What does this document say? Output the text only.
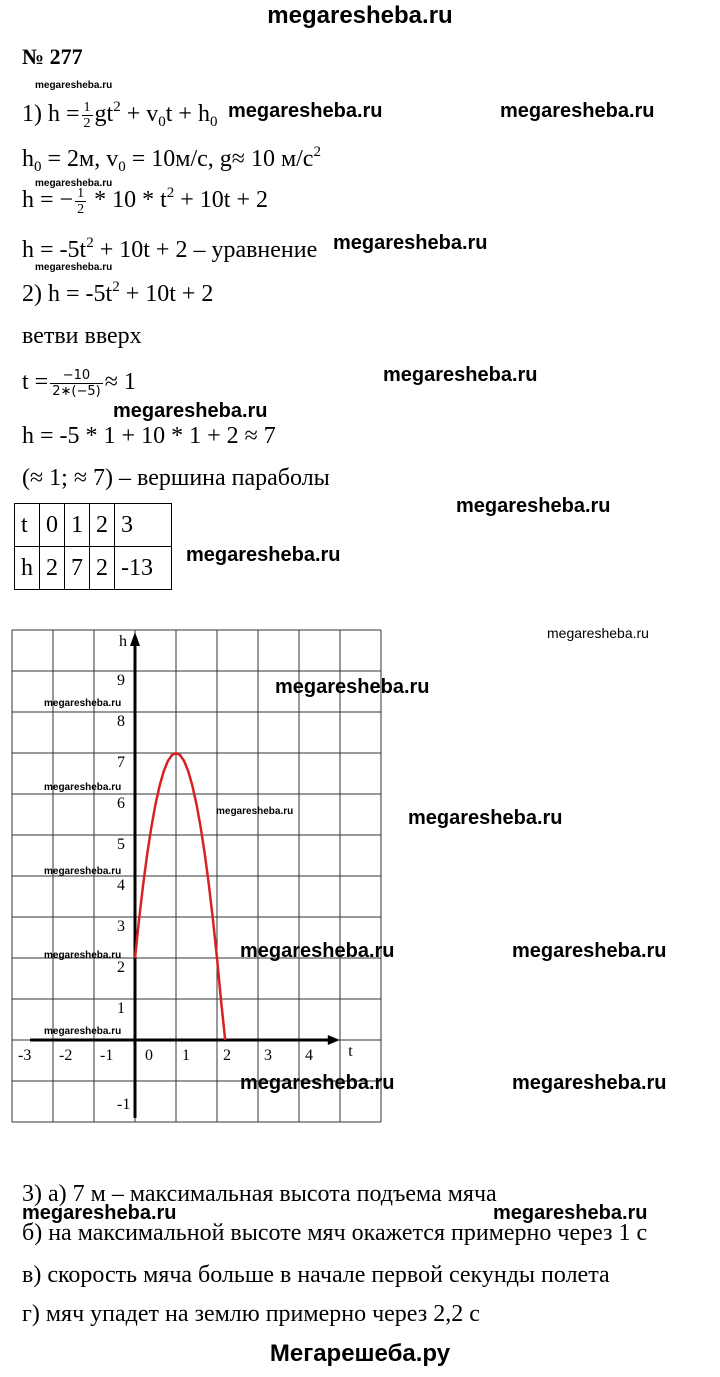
megaresheba.ru
№ 277
1) $h = \frac{1}{2} gt^2 + v_0t + h_0$
$h_0 = 2м$, $v_0 = 10м/с$, g≈ 10 $м/с^2$
h = − $\frac{1}{2} * 10 * t^2 + 10t + 2$
$h = -5t^2 + 10t + 2$ – уравнение
2) $h = -5t^2 + 10t + 2$
ветви вверх
$t = \frac{-10}{2∗(-5)} \approx 1$
h = -5 * 1 + 10 * 1 + 2 ≈ 7
(≈ 1; ≈ 7) – вершина параболы
t	0	1	2	3
h	2	7	2	-13
-3 -2 -1 0 1 2 3 4
-1
1
2
3
4
5
6
7
8
9
t
h
megaresheba.ru
megaresheba.ru	megaresheba.ru
megaresheba.ru
megaresheba.ru
megaresheba.ru
megaresheba.ru
megaresheba.ru
megaresheba.ru
megaresheba.ru
megaresheba.ru
megaresheba.ru
megaresheba.ru
megaresheba.ru
megaresheba.ru	megaresheba.ru
megaresheba.ru
megaresheba.ru	megaresheba.ru	megaresheba.ru
megaresheba.ru
megaresheba.ru	megaresheba.ru
3) а) 7 м – максимальная высота подъема мяча
megaresheba.ru	megaresheba.ru
б) на максимальной высоте мяч окажется примерно через 1 с
в) скорость мяча больше в начале первой секунды полета
г) мяч упадет на землю примерно через 2,2 с
Мегарешеба.ру
